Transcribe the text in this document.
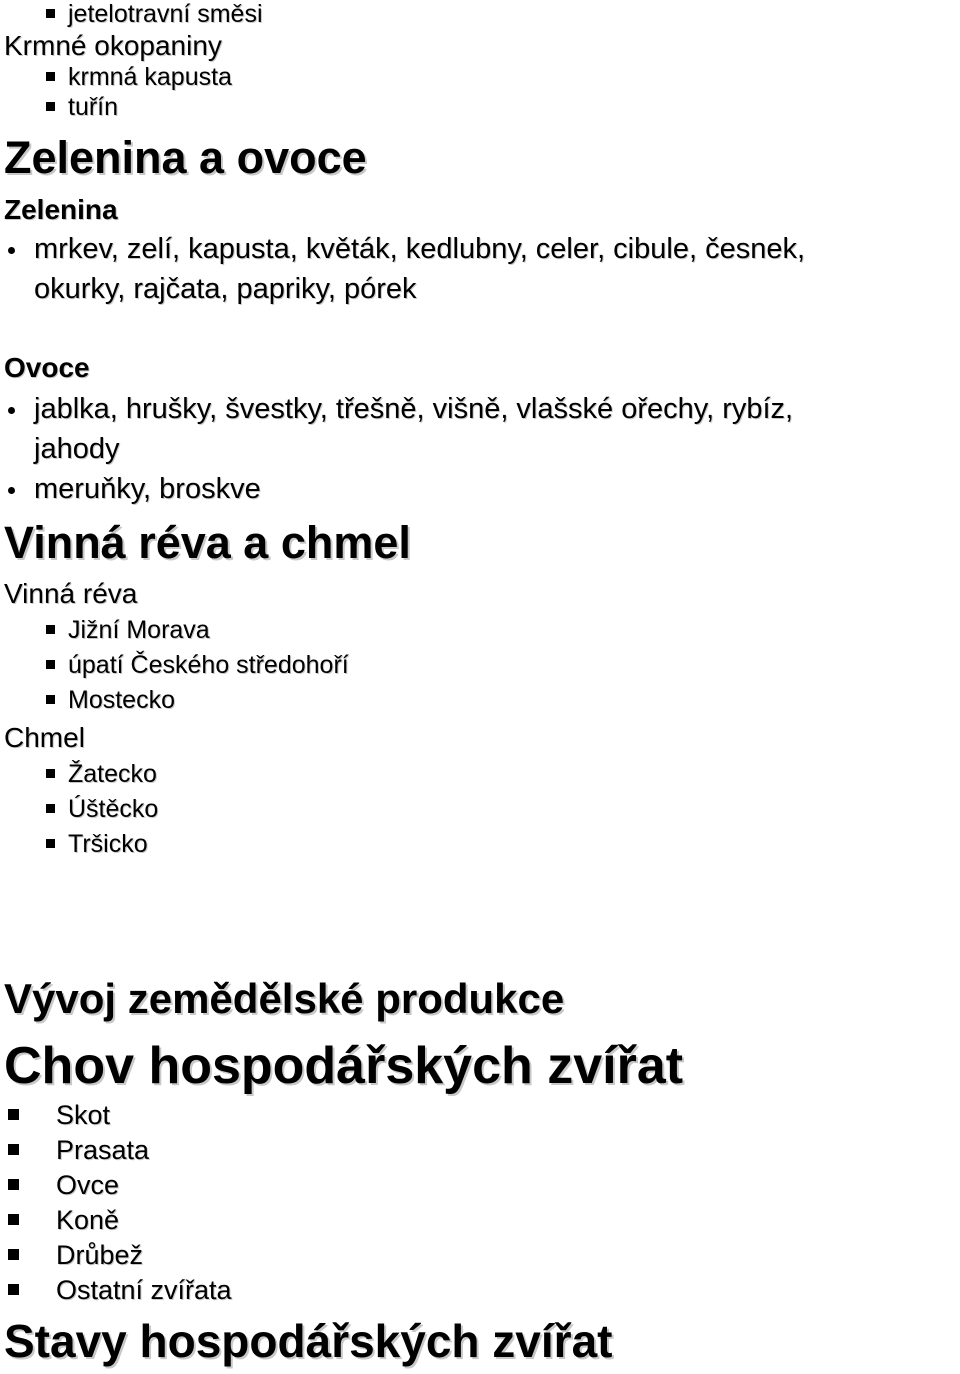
jetelotravní směsi
Krmné okopaniny
krmná kapusta
tuřín
Zelenina a ovoce
Zelenina
mrkev, zelí, kapusta, květák, kedlubny, celer, cibule, česnek,
okurky, rajčata, papriky, pórek
Ovoce
jablka, hrušky, švestky, třešně, višně, vlašské ořechy, rybíz,
jahody
meruňky, broskve
Vinná réva a chmel
Vinná réva
Jižní Morava
úpatí Českého středohoří
Mostecko
Chmel
Žatecko
Úštěcko
Tršicko
Vývoj zemědělské produkce
Chov hospodářských zvířat
Skot
Prasata
Ovce
Koně
Drůbež
Ostatní zvířata
Stavy hospodářských zvířat
